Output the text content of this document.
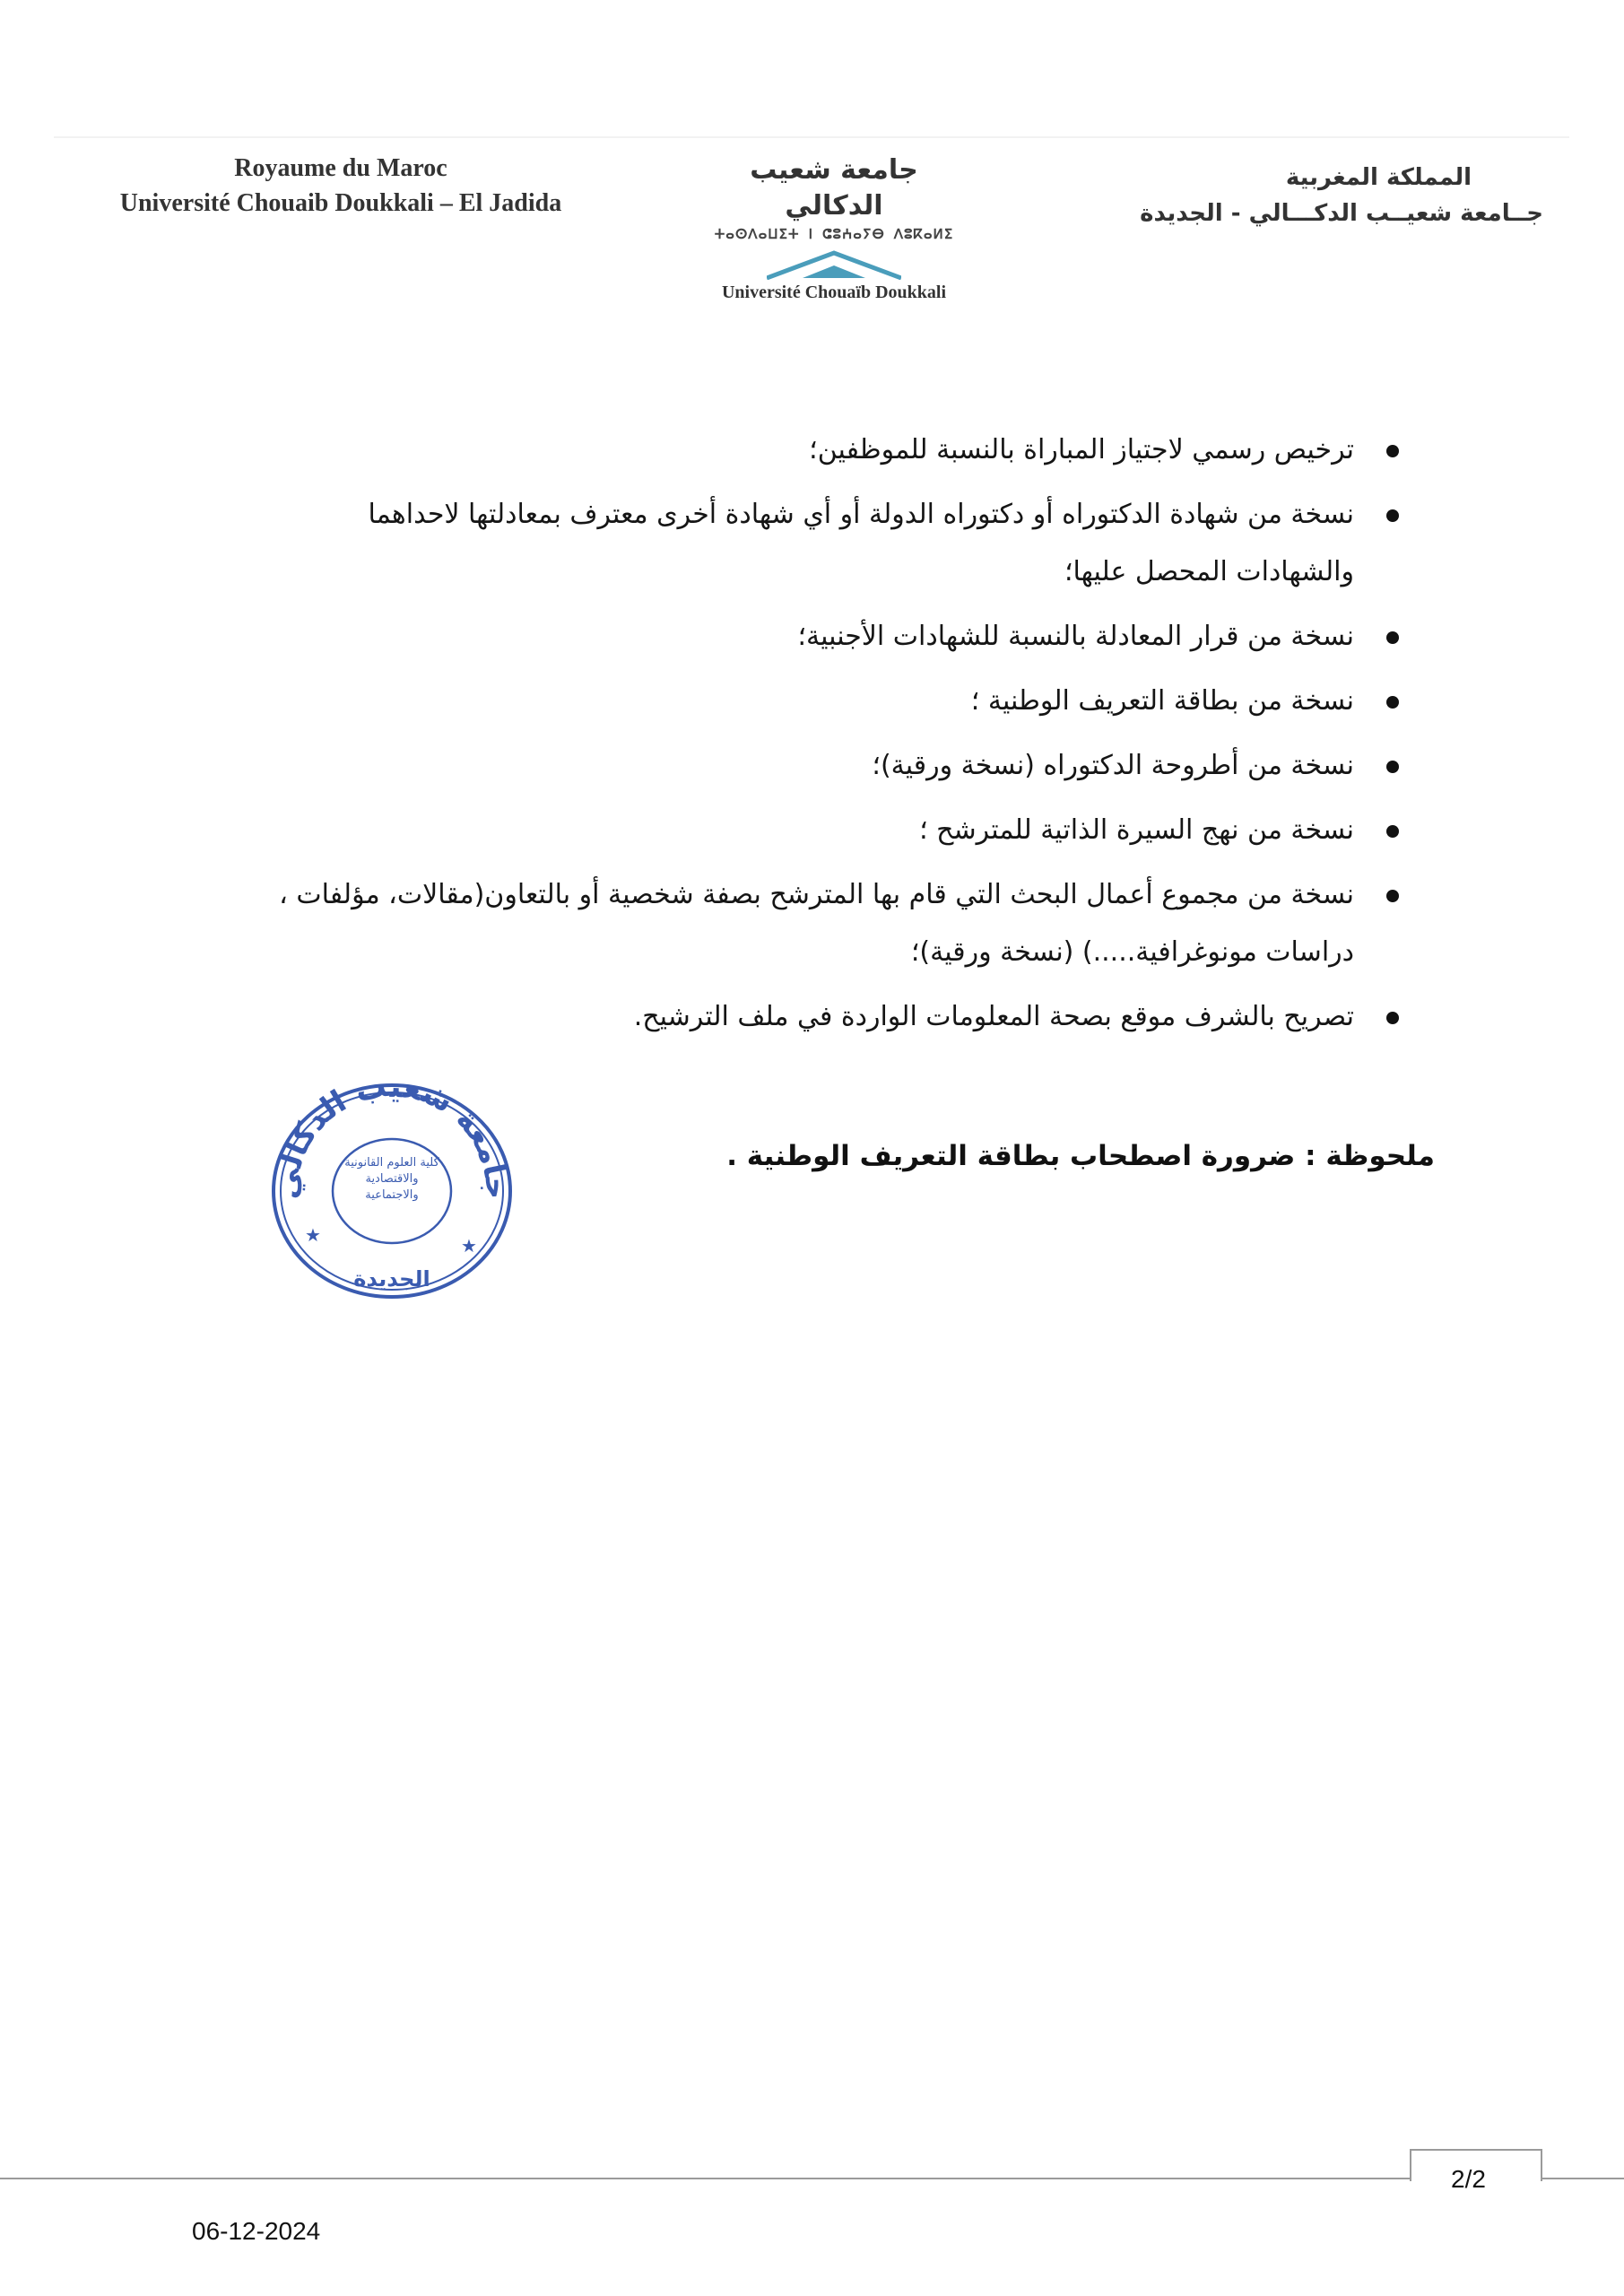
Royaume du Maroc
Université Chouaib Doukkali – El Jadida
جامعة شعيب الدكالي
ⵜⴰⵙⴷⴰⵡⵉⵜ ⵏ ⵛⵓⵄⴰⵢⴱ ⴷⵓⴽⴰⵍⵉ
Université Chouaïb Doukkali
المملكة المغربية
جــامعة شعيــب الدكـــالي - الجديدة
ترخيص رسمي لاجتياز المباراة بالنسبة للموظفين؛
نسخة من شهادة الدكتوراه أو دكتوراه الدولة أو أي شهادة أخرى معترف بمعادلتها لاحداهما والشهادات المحصل عليها؛
نسخة من قرار المعادلة بالنسبة للشهادات الأجنبية؛
نسخة من بطاقة التعريف الوطنية ؛
نسخة من أطروحة الدكتوراه (نسخة ورقية)؛
نسخة من نهج السيرة الذاتية للمترشح ؛
نسخة من مجموع أعمال البحث التي قام بها المترشح بصفة شخصية أو بالتعاون(مقالات، مؤلفات ، دراسات مونوغرافية.....) (نسخة ورقية)؛
تصريح بالشرف موقع بصحة المعلومات الواردة في ملف الترشيح.
جامعة شعيب الدكالي
كلية العلوم القانونية والاقتصادية والاجتماعية
الجديدة
★	★
ملحوظة : ضرورة اصطحاب بطاقة التعريف الوطنية .
2/2
06-12-2024
